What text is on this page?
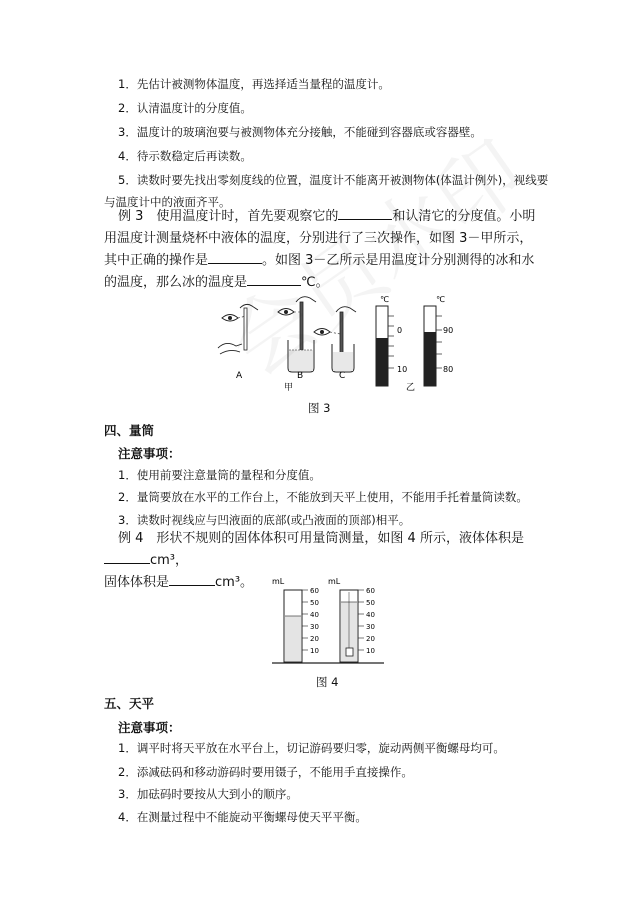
1．先估计被测物体温度，再选择适当量程的温度计。
2．认清温度计的分度值。
3．温度计的玻璃泡要与被测物体充分接触，不能碰到容器底或容器壁。
4．待示数稳定后再读数。
5．读数时要先找出零刻度线的位置，温度计不能离开被测物体(体温计例外)，视线要
与温度计中的液面齐平。
例 3　使用温度计时，首先要观察它的	和认清它的分度值。小明用温度计测量烧杯中液体的温度，分别进行了三次操作，如图 3－甲所示，其中正确的操作是	。如图 3－乙所示是用温度计分别测得的冰和水的温度，那么冰的温度是	℃。
A	B	C
甲
℃
0
10
℃
90
80
乙
图 3
四、量筒
注意事项：
1．使用前要注意量筒的量程和分度值。
2．量筒要放在水平的工作台上，不能放到天平上使用，不能用手托着量筒读数。
3．读数时视线应与凹液面的底部(或凸液面的顶部)相平。
例 4　形状不规则的固体体积可用量筒测量，如图 4 所示，液体体积是cm³，
固体体积是	cm³。	mL
60
50
40
30
20
10
mL
60
50
40
30
20
10
图 4
五、天平
注意事项：
1．调平时将天平放在水平台上，切记游码要归零，旋动两侧平衡螺母均可。
2．添减砝码和移动游码时要用镊子，不能用手直接操作。
3．加砝码时要按从大到小的顺序。
4．在测量过程中不能旋动平衡螺母使天平平衡。
